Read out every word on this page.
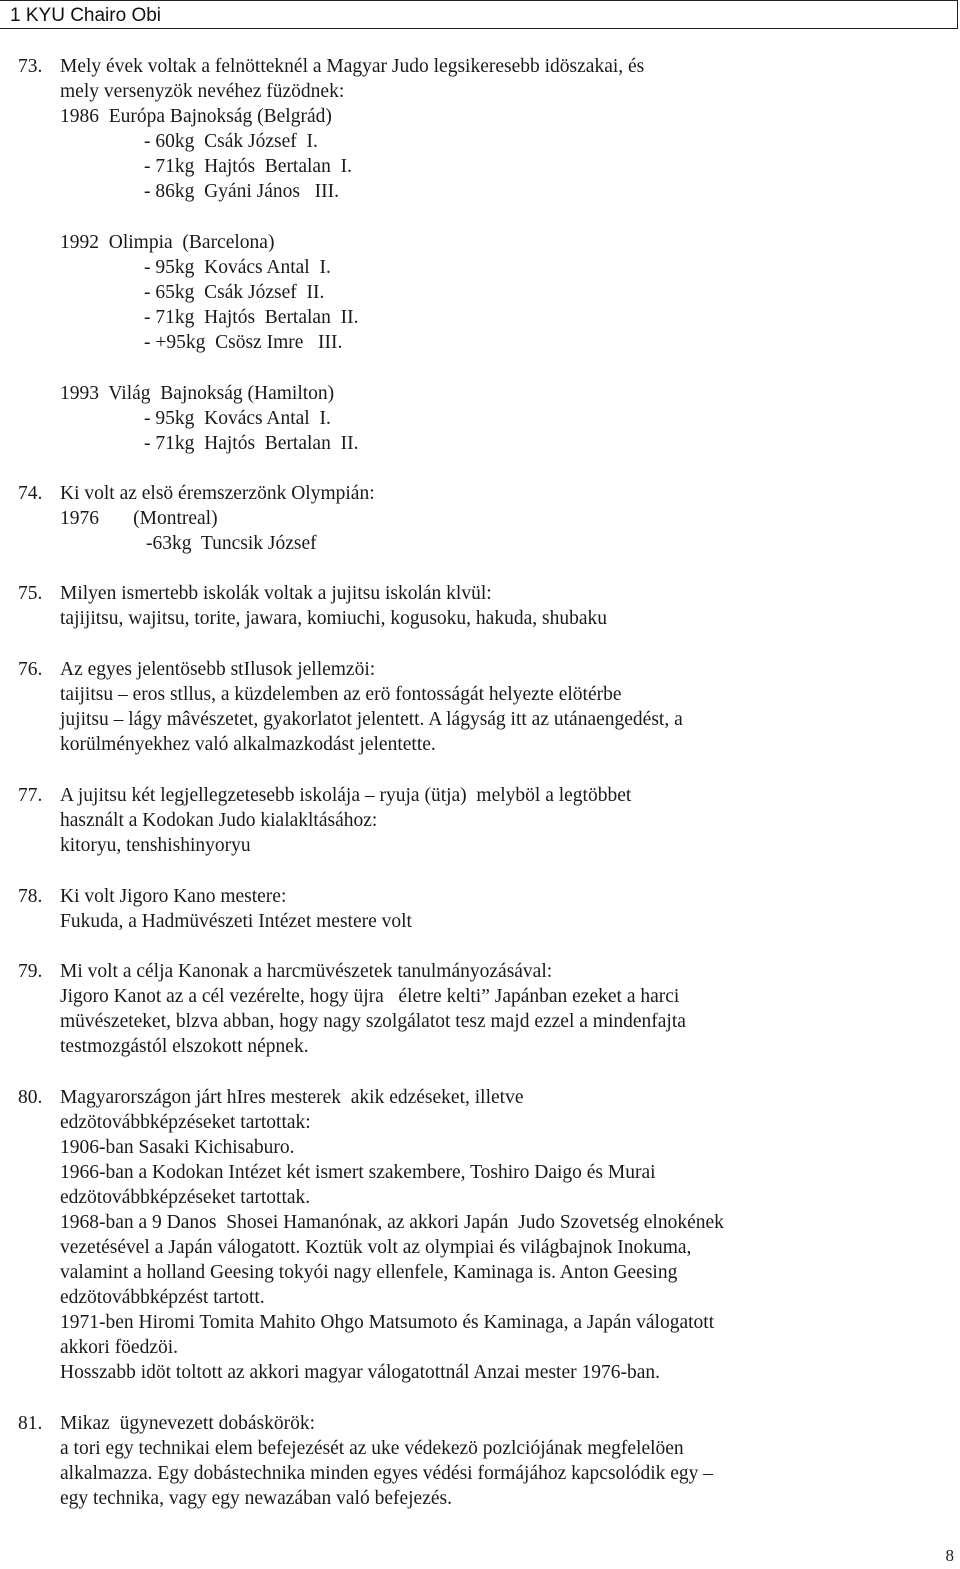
1 KYU Chairo Obi
73. Mely évek voltak a felnötteknél a Magyar Judo legsikeresebb idöszakai, és
mely versenyzök nevéhez füzödnek:
1986  Európa Bajnokság (Belgrád)
- 60kg  Csák József  I.
- 71kg  Hajtós  Bertalan  I.
- 86kg  Gyáni János   III.
1992  Olimpia  (Barcelona)
- 95kg  Kovács Antal  I.
- 65kg  Csák József  II.
- 71kg  Hajtós  Bertalan  II.
- +95kg  Csösz Imre   III.
1993  Világ  Bajnokság (Hamilton)
- 95kg  Kovács Antal  I.
- 71kg  Hajtós  Bertalan  II.
74. Ki volt az elsö éremszerzönk Olympián:
1976       (Montreal)
-63kg  Tuncsik József
75. Milyen ismertebb iskolák voltak a jujitsu iskolán klvül:
tajijitsu, wajitsu, torite, jawara, komiuchi, kogusoku, hakuda, shubaku
76. Az egyes jelentösebb stIlusok jellemzöi:
taijitsu – eros stllus, a küzdelemben az erö fontosságát helyezte elötérbe
jujitsu – lágy mâvészetet, gyakorlatot jelentett. A lágyság itt az utánaengedést, a
korülményekhez való alkalmazkodást jelentette.
77. A jujitsu két legjellegzetesebb iskolája – ryuja (ütja)  melyböl a legtöbbet
használt a Kodokan Judo kialakltásához:
kitoryu, tenshishinyoryu
78. Ki volt Jigoro Kano mestere:
Fukuda, a Hadmüvészeti Intézet mestere volt
79. Mi volt a célja Kanonak a harcmüvészetek tanulmányozásával:
Jigoro Kanot az a cél vezérelte, hogy üjra   életre kelti” Japánban ezeket a harci
müvészeteket, blzva abban, hogy nagy szolgálatot tesz majd ezzel a mindenfajta
testmozgástól elszokott népnek.
80. Magyarországon járt hIres mesterek  akik edzéseket, illetve
edzötovábbképzéseket tartottak:
1906-ban Sasaki Kichisaburo.
1966-ban a Kodokan Intézet két ismert szakembere, Toshiro Daigo és Murai
edzötovábbképzéseket tartottak.
1968-ban a 9 Danos  Shosei Hamanónak, az akkori Japán  Judo Szovetség elnokének
vezetésével a Japán válogatott. Koztük volt az olympiai és világbajnok Inokuma,
valamint a holland Geesing tokyói nagy ellenfele, Kaminaga is. Anton Geesing
edzötovábbképzést tartott.
1971-ben Hiromi Tomita Mahito Ohgo Matsumoto és Kaminaga, a Japán válogatott
akkori föedzöi.
Hosszabb idöt toltott az akkori magyar válogatottnál Anzai mester 1976-ban.
81. Mikaz  ügynevezett dobáskörök:
a tori egy technikai elem befejezését az uke védekezö pozlciójának megfelelöen
alkalmazza. Egy dobástechnika minden egyes védési formájához kapcsolódik egy –
egy technika, vagy egy newazában való befejezés.
8
